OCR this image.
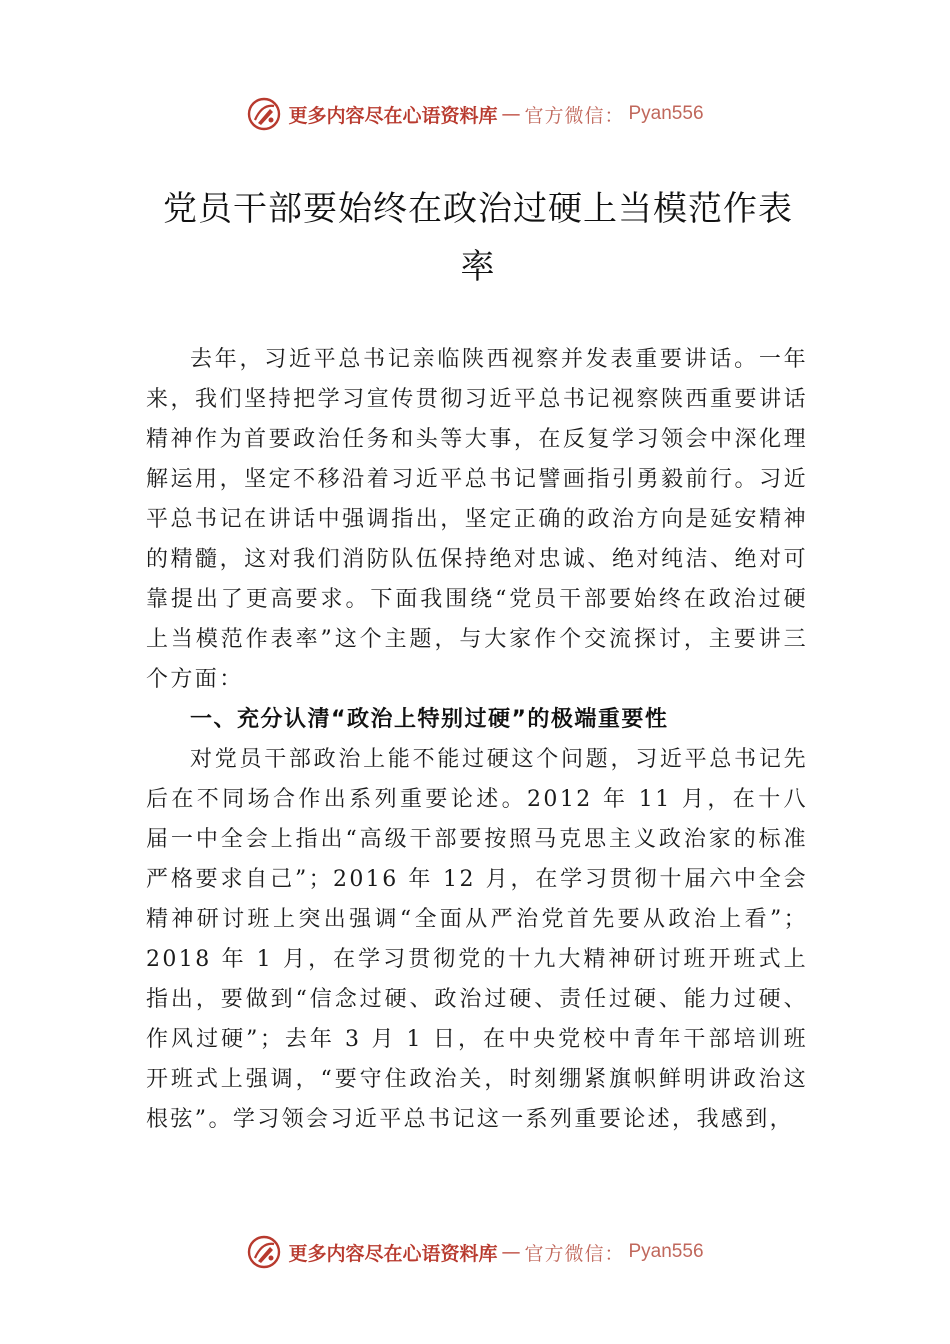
更多内容尽在心语资料库 — 官方微信： Pyan556
党员干部要始终在政治过硬上当模范作表率

去年，习近平总书记亲临陕西视察并发表重要讲话。一年来，我们坚持把学习宣传贯彻习近平总书记视察陕西重要讲话精神作为首要政治任务和头等大事，在反复学习领会中深化理解运用，坚定不移沿着习近平总书记譬画指引勇毅前行。习近平总书记在讲话中强调指出，坚定正确的政治方向是延安精神的精髓，这对我们消防队伍保持绝对忠诚、绝对纯洁、绝对可靠提出了更高要求。下面我围绕“党员干部要始终在政治过硬上当模范作表率”这个主题，与大家作个交流探讨，主要讲三个方面：

一、充分认清“政治上特别过硬”的极端重要性

对党员干部政治上能不能过硬这个问题，习近平总书记先后在不同场合作出系列重要论述。2012 年 11 月，在十八届一中全会上指出“高级干部要按照马克思主义政治家的标准严格要求自己”；2016 年 12 月，在学习贯彻十届六中全会精神研讨班上突出强调“全面从严治党首先要从政治上看”；2018 年 1 月，在学习贯彻党的十九大精神研讨班开班式上指出，要做到“信念过硬、政治过硬、责任过硬、能力过硬、作风过硬”；去年 3 月 1 日，在中央党校中青年干部培训班开班式上强调，“要守住政治关，时刻绷紧旗帜鲜明讲政治这根弦”。学习领会习近平总书记这一系列重要论述，我感到，

更多内容尽在心语资料库 — 官方微信： Pyan556
